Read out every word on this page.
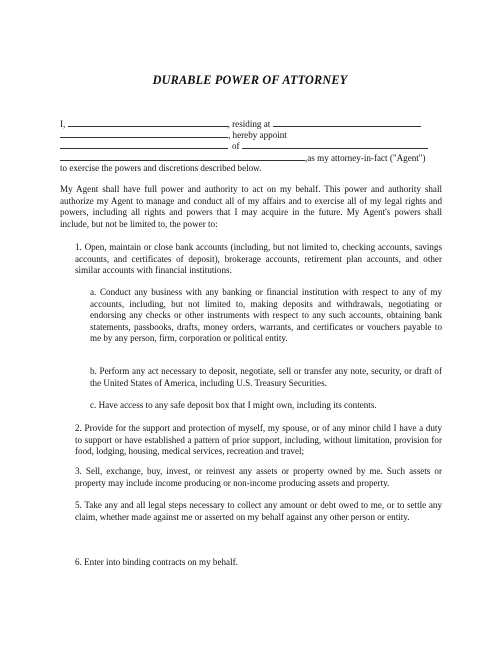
DURABLE POWER OF ATTORNEY
I,	, residing at
, hereby appoint
of
,as my attorney-in-fact ("Agent")
to exercise the powers and discretions described below.
My Agent shall have full power and authority to act on my behalf. This power and authority shall authorize my Agent to manage and conduct all of my affairs and to exercise all of my legal rights and powers, including all rights and powers that I may acquire in the future. My Agent's powers shall include, but not be limited to, the power to:
1. Open, maintain or close bank accounts (including, but not limited to, checking accounts, savings accounts, and certificates of deposit), brokerage accounts, retirement plan accounts, and other similar accounts with financial institutions.
a. Conduct any business with any banking or financial institution with respect to any of my accounts, including, but not limited to, making deposits and withdrawals, negotiating or endorsing any checks or other instruments with respect to any such accounts, obtaining bank statements, passbooks, drafts, money orders, warrants, and certificates or vouchers payable to me by any person, firm, corporation or political entity.
b. Perform any act necessary to deposit, negotiate, sell or transfer any note, security, or draft of the United States of America, including U.S. Treasury Securities.
c. Have access to any safe deposit box that I might own, including its contents.
2. Provide for the support and protection of myself, my spouse, or of any minor child I have a duty to support or have established a pattern of prior support, including, without limitation, provision for food, lodging, housing, medical services, recreation and travel;
3. Sell, exchange, buy, invest, or reinvest any assets or property owned by me. Such assets or property may include income producing or non-income producing assets and property.
5. Take any and all legal steps necessary to collect any amount or debt owed to me, or to settle any claim, whether made against me or asserted on my behalf against any other person or entity.
6. Enter into binding contracts on my behalf.
